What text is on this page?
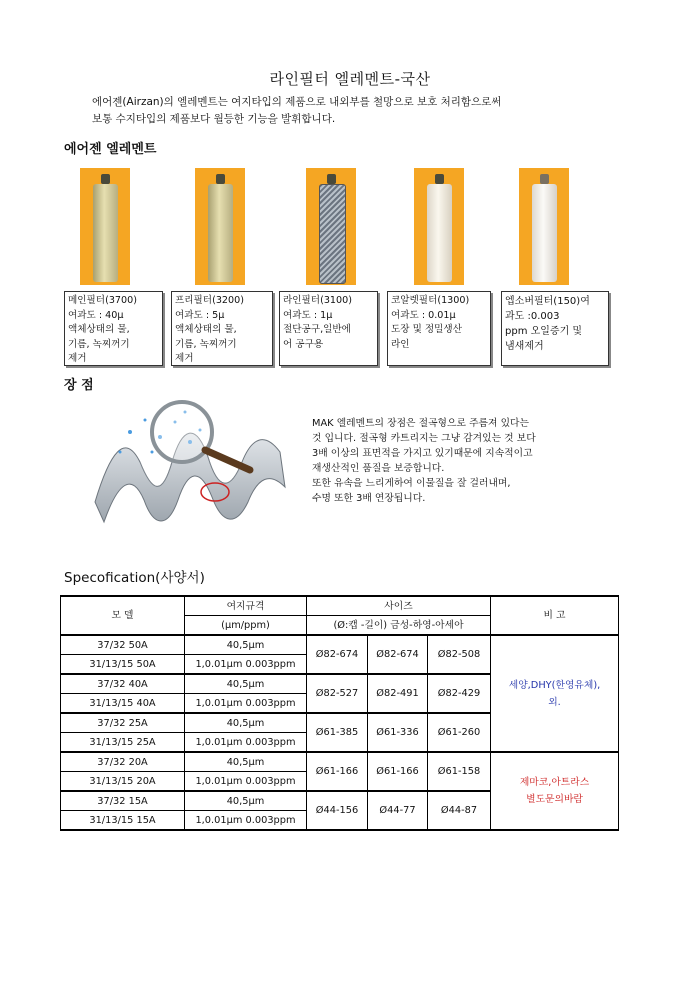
라인필터 엘레멘트-국산
에어젠(Airzan)의 엘레멘트는 여지타입의 제품으로 내외부를 철망으로 보호 처리함으로써
보통 수지타입의 제품보다 월등한 기능을 발휘합니다.
에어젠 엘레멘트
메인필터(3700)
여과도 : 40μ
액체상태의 물,
기름, 녹찌꺼기
제거
프리필터(3200)
여과도 : 5μ
액체상태의 물,
기름, 녹찌꺼기
제거
라인필터(3100)
여과도 : 1μ
절단공구,일반에
어 공구용
코알렛필터(1300)
여과도 : 0.01μ
도장 및 정밀생산
라인
엡소버필터(150)여
과도 :0.003
ppm 오일증기 및
냄새제거
장 점
MAK 엘레멘트의 장점은 절곡형으로 주름져 있다는
것 입니다. 절곡형 카트리지는 그냥 감겨있는 것 보다
3배 이상의 표면적을 가지고 있기때문에 지속적이고
재생산적인 품질을 보증합니다.
또한 유속을 느리게하여 이물질을 잘 걸러내며,
수명 또한 3배 연장됩니다.
Specofication(사양서)
모 델	여지규격	사이즈			비 고
	(μm/ppm)	(Ø:캡 -길이) 금성-하영-아세아			
37/32 50A	40,5μm	Ø82-674	Ø82-674	Ø82-508	세양,DHY(한영유체),
외.

31/13/15 50A	1,0.01μm 0.003ppm				
37/32 40A	40,5μm	Ø82-527	Ø82-491	Ø82-429	
31/13/15 40A	1,0.01μm 0.003ppm				
37/32 25A	40,5μm	Ø61-385	Ø61-336	Ø61-260	
31/13/15 25A	1,0.01μm 0.003ppm				
37/32 20A	40,5μm	Ø61-166	Ø61-166	Ø61-158	제마코,아트라스
별도문의바람

31/13/15 20A	1,0.01μm 0.003ppm				
37/32 15A	40,5μm	Ø44-156	Ø44-77	Ø44-87	
31/13/15 15A	1,0.01μm 0.003ppm				
